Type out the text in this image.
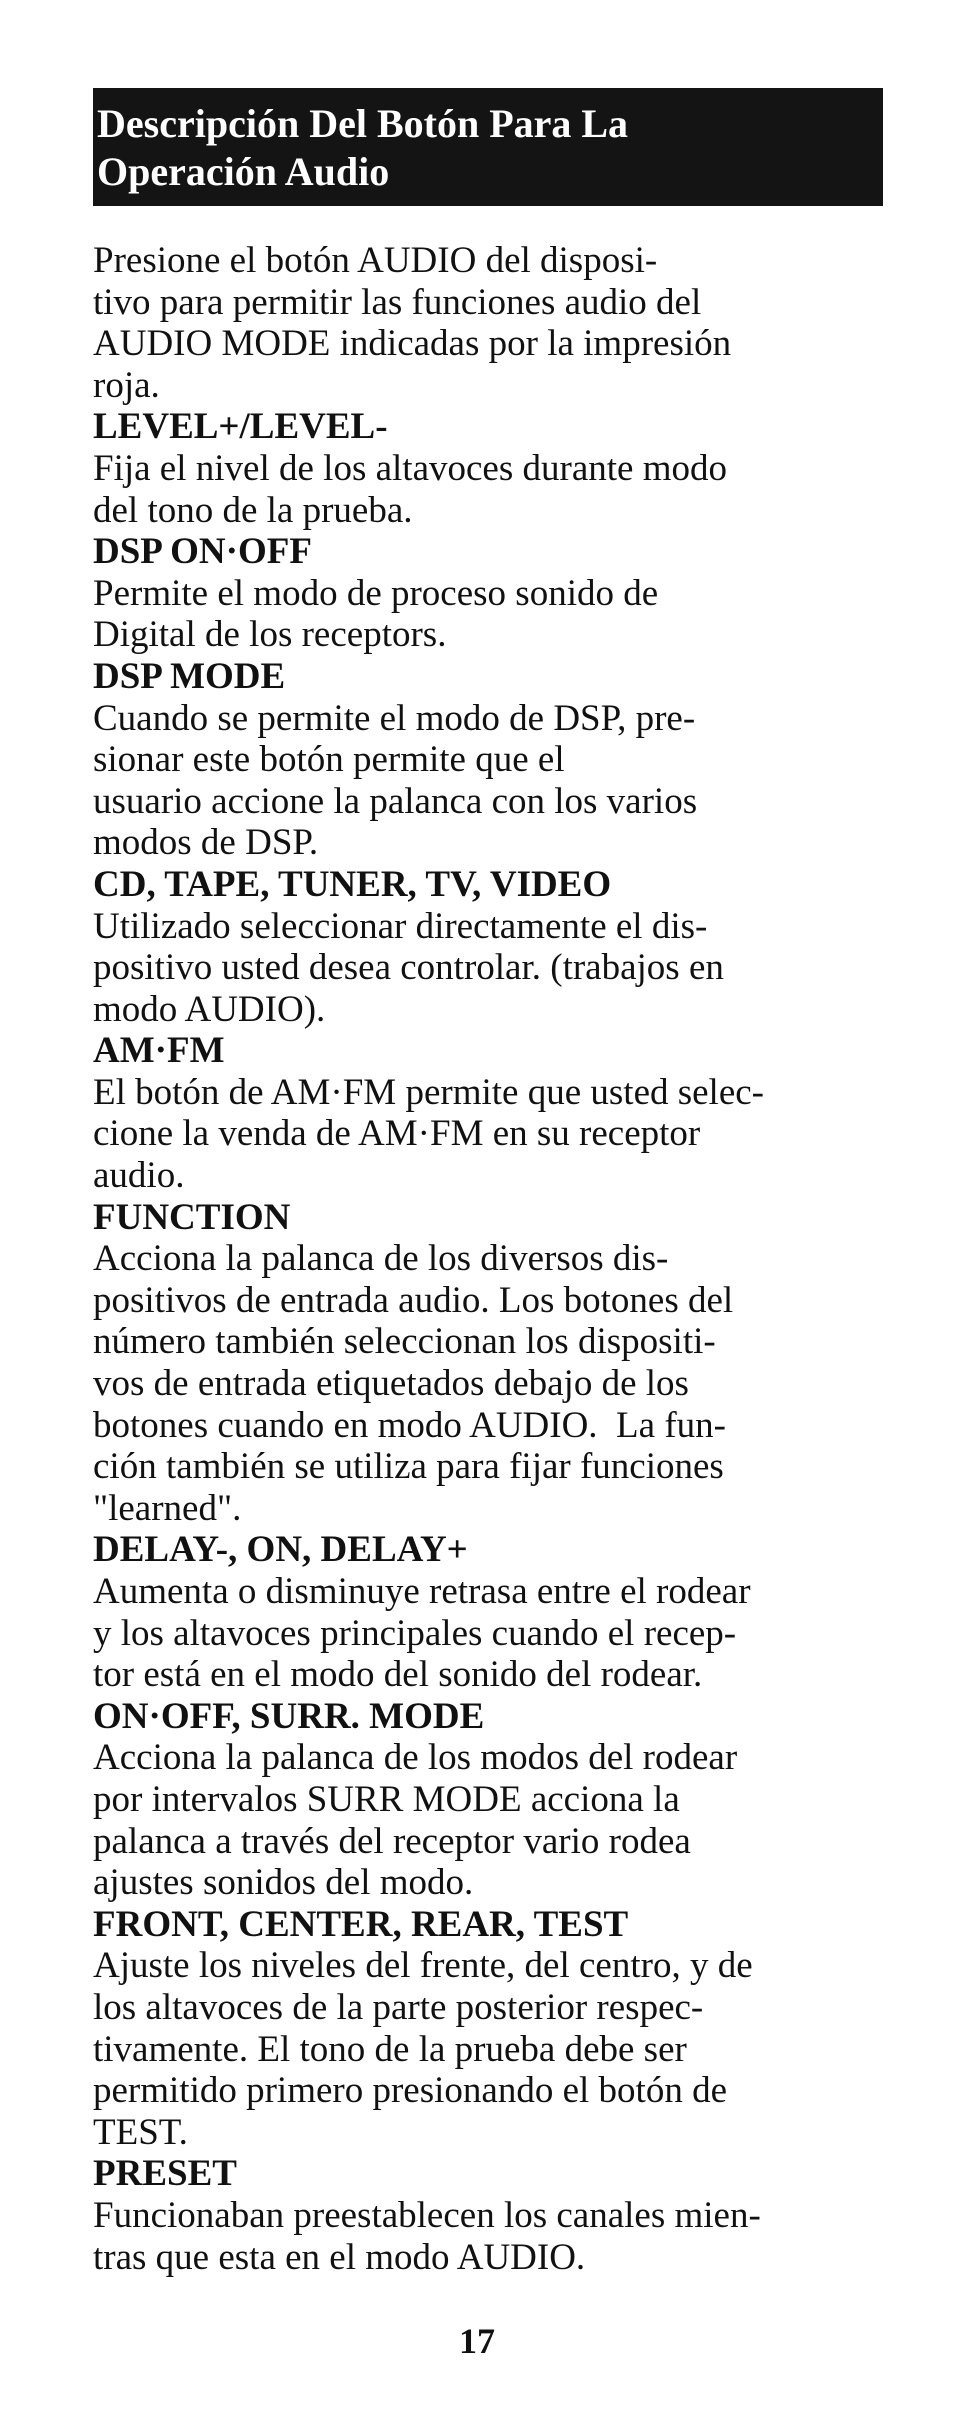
Descripción Del Botón Para La
Operación Audio
Presione el botón AUDIO del disposi-
tivo para permitir las funciones audio del
AUDIO MODE indicadas por la impresión
roja.
LEVEL+/LEVEL-
Fija el nivel de los altavoces durante modo
del tono de la prueba.
DSP ON·OFF
Permite el modo de proceso sonido de
Digital de los receptors.
DSP MODE
Cuando se permite el modo de DSP, pre-
sionar este botón permite que el
usuario accione la palanca con los varios
modos de DSP.
CD, TAPE, TUNER, TV, VIDEO
Utilizado seleccionar directamente el dis-
positivo usted desea controlar. (trabajos en
modo AUDIO).
AM·FM
El botón de AM·FM permite que usted selec-
cione la venda de AM·FM en su receptor
audio.
FUNCTION
Acciona la palanca de los diversos dis-
positivos de entrada audio. Los botones del
número también seleccionan los dispositi-
vos de entrada etiquetados debajo de los
botones cuando en modo AUDIO.  La fun-
ción también se utiliza para fijar funciones
"learned".
DELAY-, ON, DELAY+
Aumenta o disminuye retrasa entre el rodear
y los altavoces principales cuando el recep-
tor está en el modo del sonido del rodear.
ON·OFF, SURR. MODE
Acciona la palanca de los modos del rodear
por intervalos SURR MODE acciona la
palanca a través del receptor vario rodea
ajustes sonidos del modo.
FRONT, CENTER, REAR, TEST
Ajuste los niveles del frente, del centro, y de
los altavoces de la parte posterior respec-
tivamente. El tono de la prueba debe ser
permitido primero presionando el botón de
TEST.
PRESET
Funcionaban preestablecen los canales mien-
tras que esta en el modo AUDIO.
17
